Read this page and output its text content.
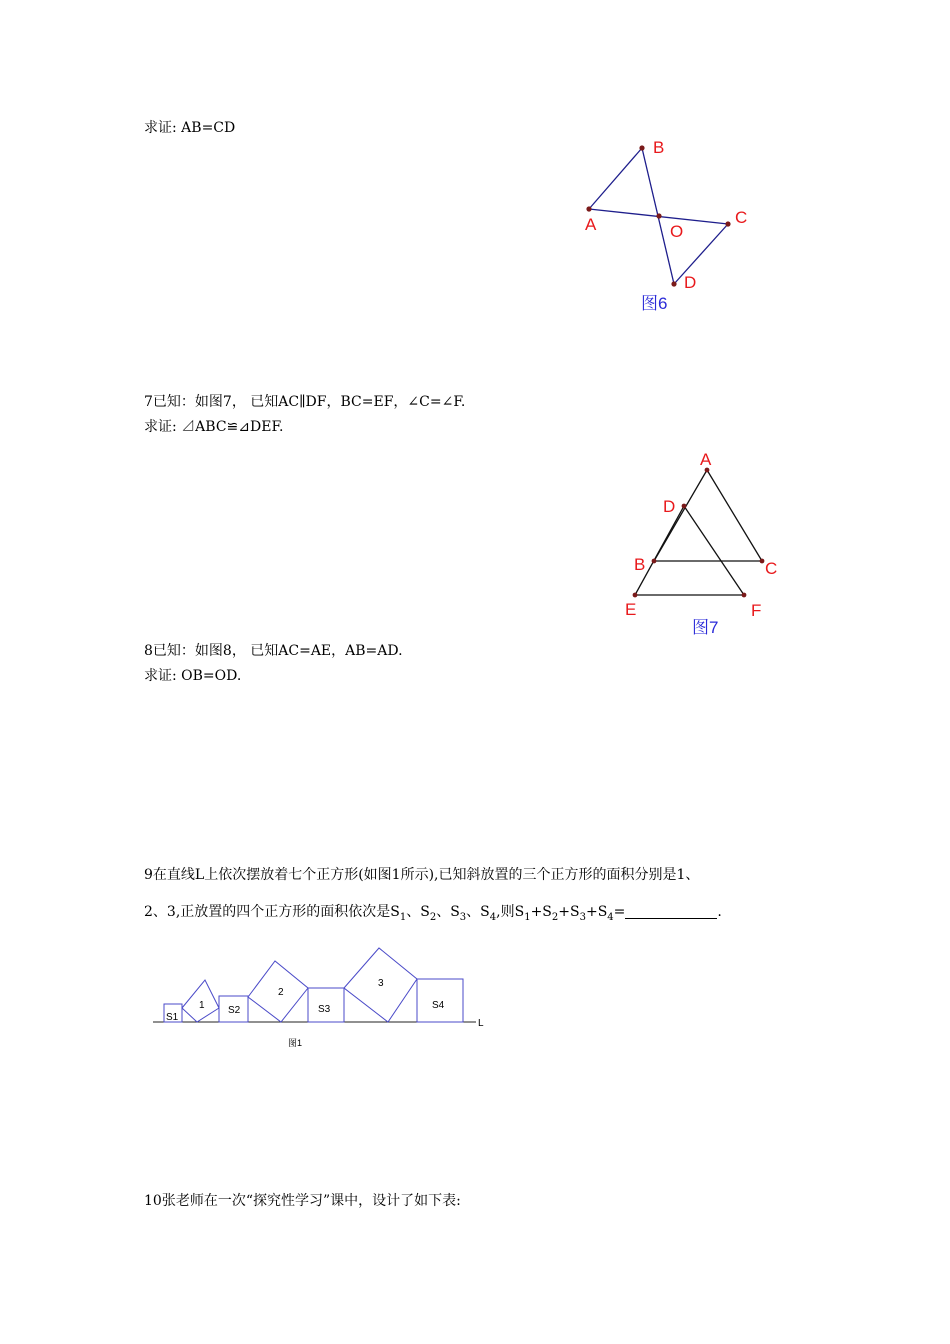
求证: AB=CD
A
B
C
D
O
图6
7已知：如图7， 已知AC∥DF，BC=EF，∠C=∠F.
求证: ⊿ABC≌⊿DEF.
A
D
B	C
E	F
图7
8已知：如图8， 已知AC=AE，AB=AD.
求证: OB=OD.
9在直线L上依次摆放着七个正方形(如图1所示),已知斜放置的三个正方形的面积分别是1、
2、3,正放置的四个正方形的面积依次是$S_1$、$S_2$、$S_3$、$S_4$,则$S_1+S_2+S_3+S_4=$	.
S1
1 S2
2
S3
3
S4
L
图1
10张老师在一次“探究性学习”课中，设计了如下表:
